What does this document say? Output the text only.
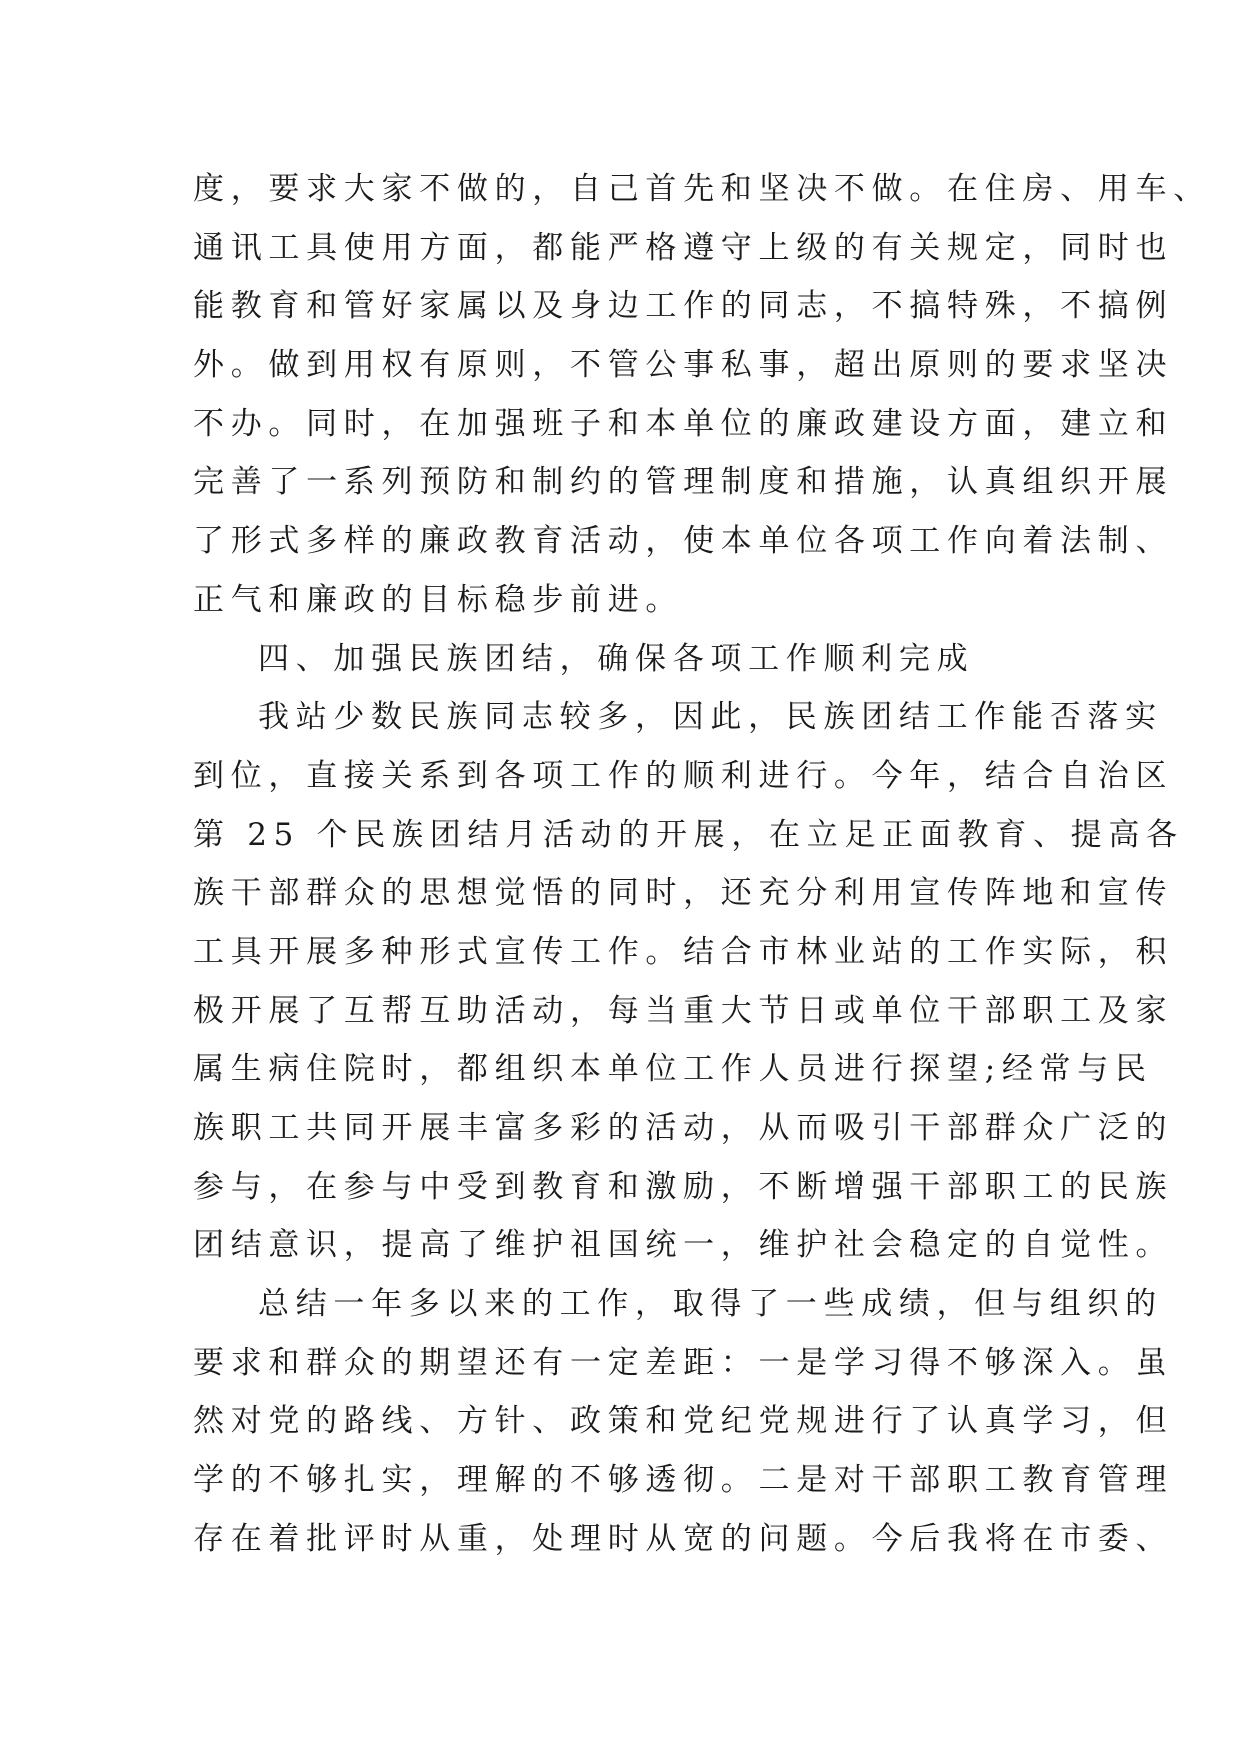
度，要求大家不做的，自己首先和坚决不做。在住房、用车、
通讯工具使用方面，都能严格遵守上级的有关规定，同时也
能教育和管好家属以及身边工作的同志，不搞特殊，不搞例
外。做到用权有原则，不管公事私事，超出原则的要求坚决
不办。同时，在加强班子和本单位的廉政建设方面，建立和
完善了一系列预防和制约的管理制度和措施，认真组织开展
了形式多样的廉政教育活动，使本单位各项工作向着法制、
正气和廉政的目标稳步前进。
四、加强民族团结，确保各项工作顺利完成
我站少数民族同志较多，因此，民族团结工作能否落实
到位，直接关系到各项工作的顺利进行。今年，结合自治区
第 25 个民族团结月活动的开展，在立足正面教育、提高各
族干部群众的思想觉悟的同时，还充分利用宣传阵地和宣传
工具开展多种形式宣传工作。结合市林业站的工作实际，积
极开展了互帮互助活动，每当重大节日或单位干部职工及家
属生病住院时，都组织本单位工作人员进行探望;经常与民
族职工共同开展丰富多彩的活动，从而吸引干部群众广泛的
参与，在参与中受到教育和激励，不断增强干部职工的民族
团结意识，提高了维护祖国统一，维护社会稳定的自觉性。
总结一年多以来的工作，取得了一些成绩，但与组织的
要求和群众的期望还有一定差距：一是学习得不够深入。虽
然对党的路线、方针、政策和党纪党规进行了认真学习，但
学的不够扎实，理解的不够透彻。二是对干部职工教育管理
存在着批评时从重，处理时从宽的问题。今后我将在市委、
